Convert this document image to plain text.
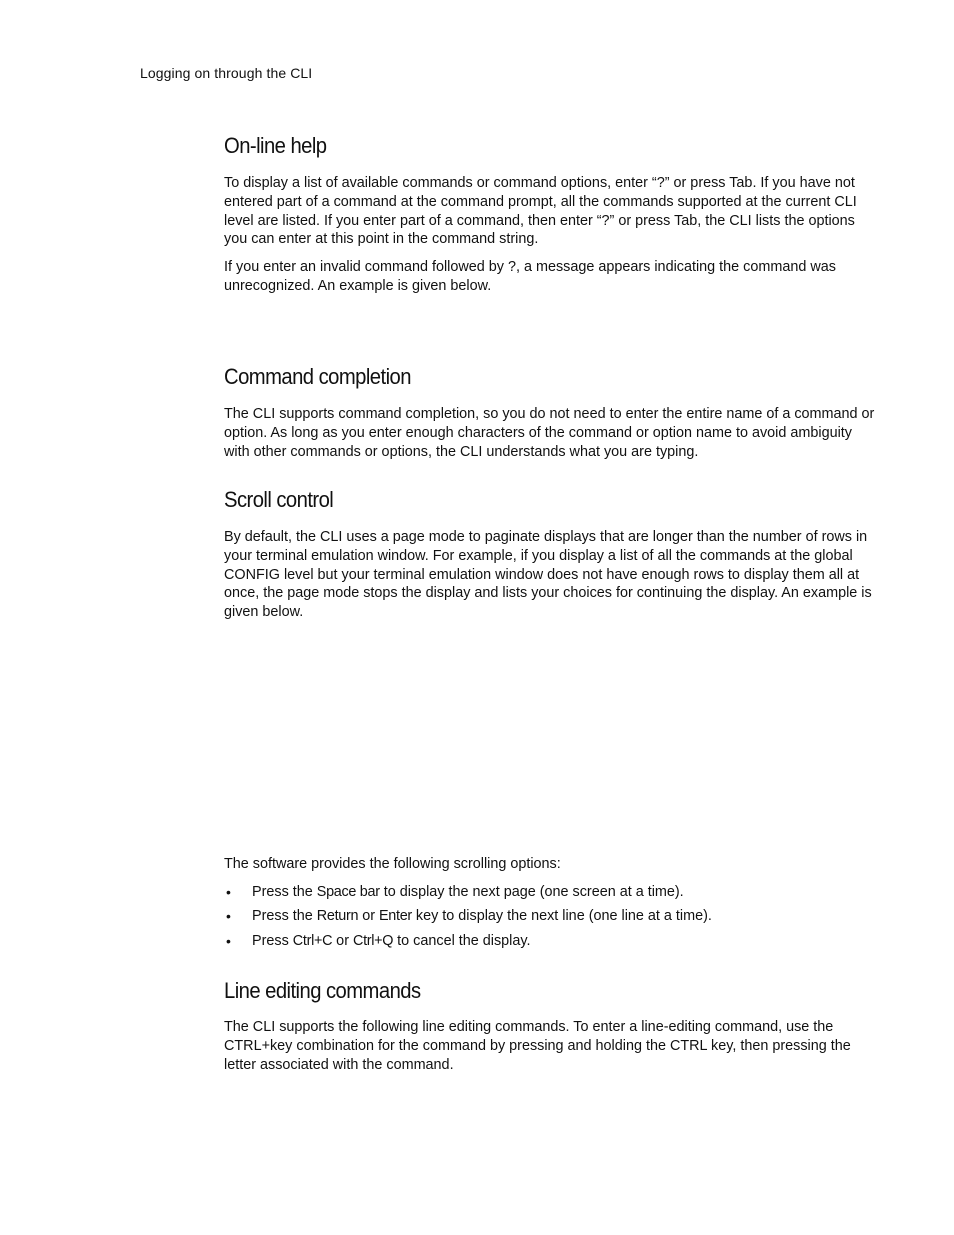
Logging on through the CLI
On-line help

To display a list of available commands or command options, enter “?” or press Tab. If you have not entered part of a command at the command prompt, all the commands supported at the current CLI level are listed. If you enter part of a command, then enter “?” or press Tab, the CLI lists the options you can enter at this point in the command string.

If you enter an invalid command followed by ?, a message appears indicating the command was unrecognized. An example is given below.

Command completion

The CLI supports command completion, so you do not need to enter the entire name of a command or option. As long as you enter enough characters of the command or option name to avoid ambiguity with other commands or options, the CLI understands what you are typing.

Scroll control

By default, the CLI uses a page mode to paginate displays that are longer than the number of rows in your terminal emulation window. For example, if you display a list of all the commands at the global CONFIG level but your terminal emulation window does not have enough rows to display them all at once, the page mode stops the display and lists your choices for continuing the display. An example is given below.

The software provides the following scrolling options:

• Press the Space bar to display the next page (one screen at a time).
• Press the Return or Enter key to display the next line (one line at a time).
• Press Ctrl+C or Ctrl+Q to cancel the display.
Line editing commands

The CLI supports the following line editing commands. To enter a line-editing command, use the CTRL+key combination for the command by pressing and holding the CTRL key, then pressing the letter associated with the command.
